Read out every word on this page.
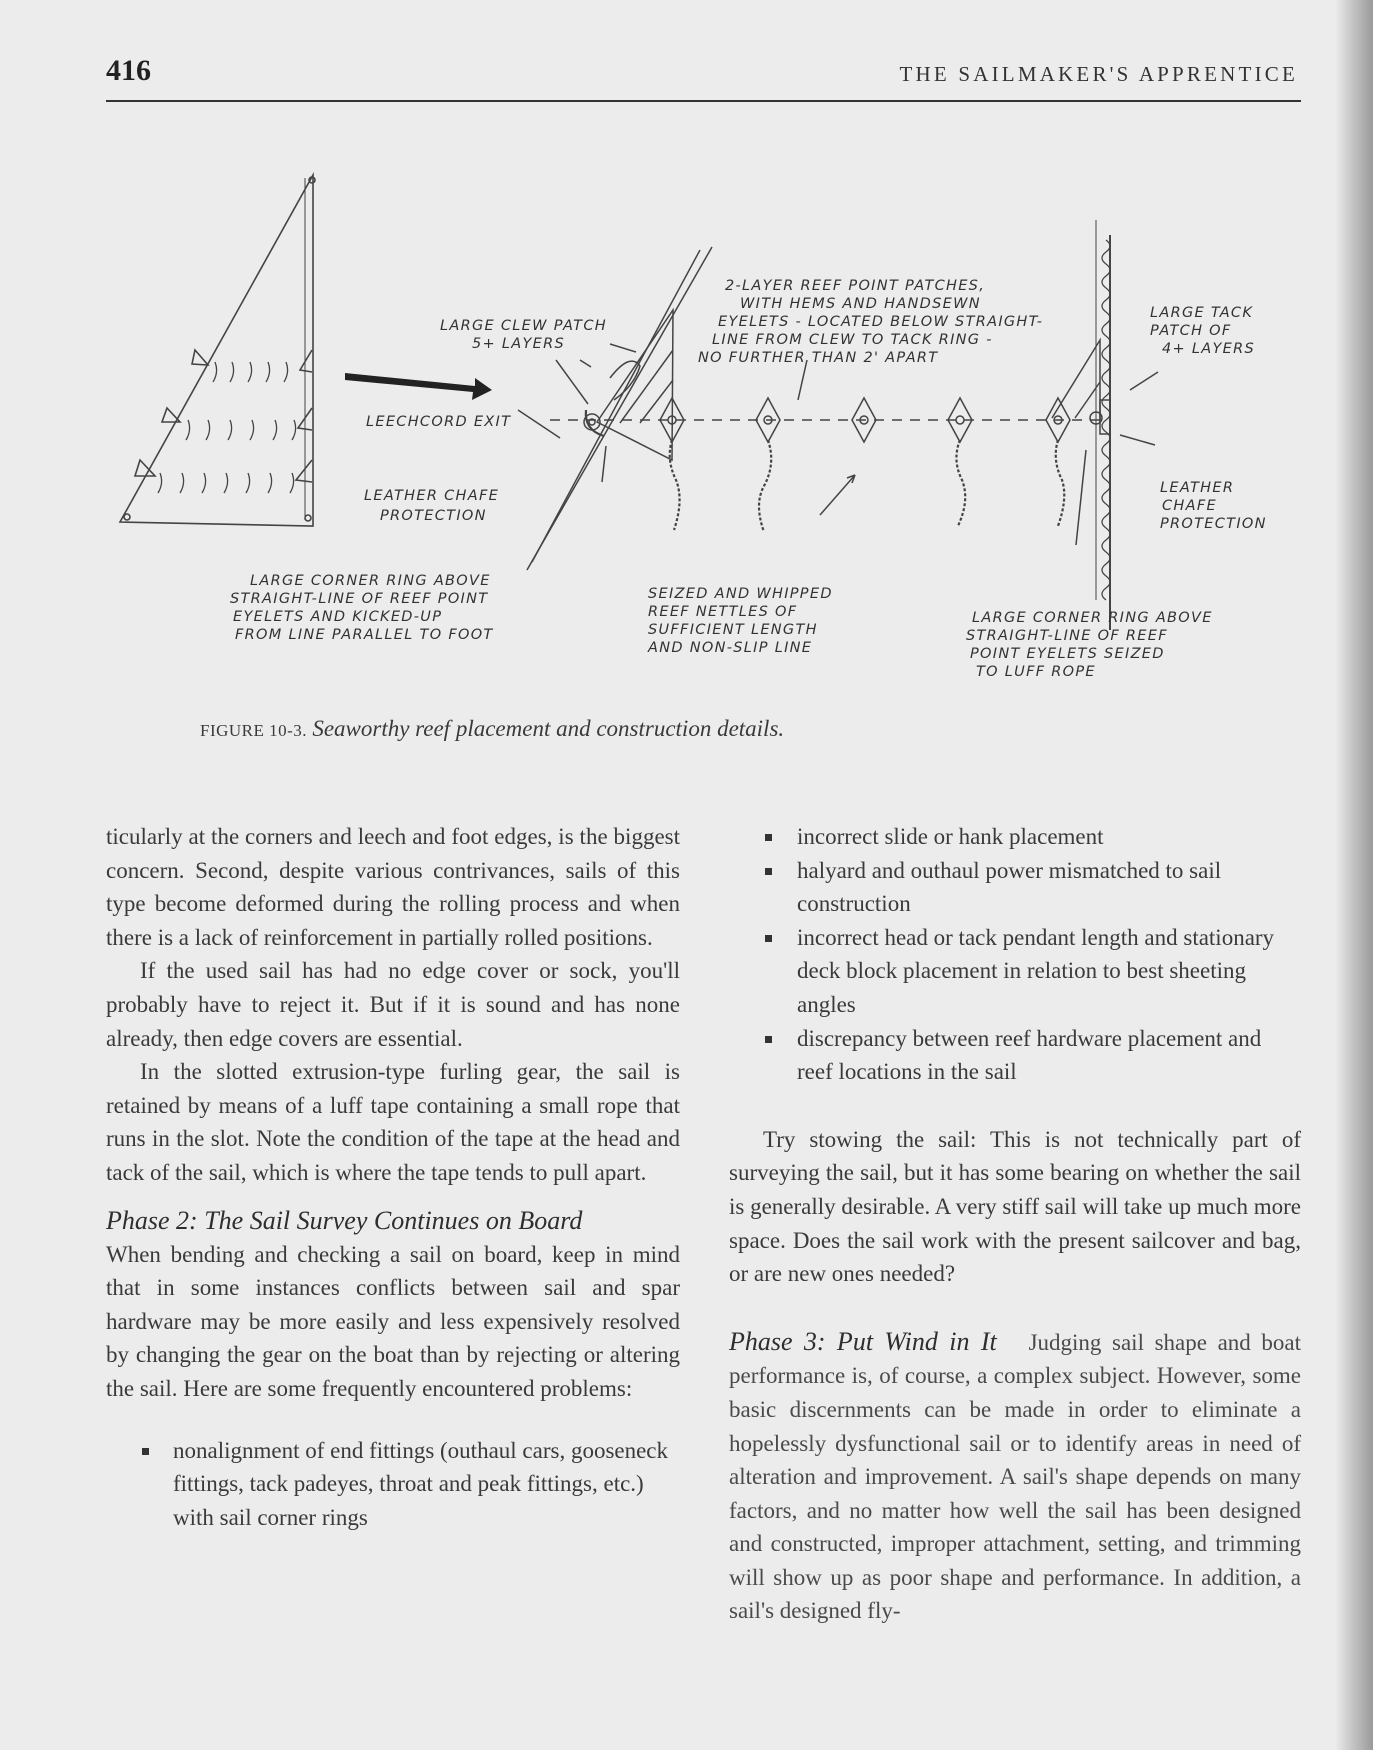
416	THE SAILMAKER'S APPRENTICE
LARGE CLEW PATCH
5+ LAYERS
LEECHCORD EXIT
LEATHER CHAFE
PROTECTION
LARGE CORNER RING ABOVE
STRAIGHT-LINE OF REEF POINT
EYELETS AND KICKED-UP
FROM LINE PARALLEL TO FOOT
2-LAYER REEF POINT PATCHES,
WITH HEMS AND HANDSEWN
EYELETS - LOCATED BELOW STRAIGHT-
LINE FROM CLEW TO TACK RING -
NO FURTHER THAN 2' APART
LARGE TACK
PATCH OF
4+ LAYERS
LEATHER
CHAFE
PROTECTION
SEIZED AND WHIPPED
REEF NETTLES OF
SUFFICIENT LENGTH
AND NON-SLIP LINE
LARGE CORNER RING ABOVE
STRAIGHT-LINE OF REEF
POINT EYELETS SEIZED
TO LUFF ROPE
FIGURE 10-3. Seaworthy reef placement and construction details.

ticularly at the corners and leech and foot edges, is the biggest concern. Second, despite various contrivances, sails of this type become deformed during the rolling process and when there is a lack of reinforcement in partially rolled positions.

If the used sail has had no edge cover or sock, you'll probably have to reject it. But if it is sound and has none already, then edge covers are essential.

In the slotted extrusion-type furling gear, the sail is retained by means of a luff tape containing a small rope that runs in the slot. Note the condition of the tape at the head and tack of the sail, which is where the tape tends to pull apart.

Phase 2: The Sail Survey Continues on Board

When bending and checking a sail on board, keep in mind that in some instances conflicts between sail and spar hardware may be more easily and less expensively resolved by changing the gear on the boat than by rejecting or altering the sail. Here are some frequently encountered problems:

nonalignment of end fittings (outhaul cars, gooseneck fittings, tack padeyes, throat and peak fittings, etc.) with sail corner rings
incorrect slide or hank placement
halyard and outhaul power mismatched to sail construction
incorrect head or tack pendant length and stationary deck block placement in relation to best sheeting angles
discrepancy between reef hardware placement and reef locations in the sail

Try stowing the sail: This is not technically part of surveying the sail, but it has some bearing on whether the sail is generally desirable. A very stiff sail will take up much more space. Does the sail work with the present sailcover and bag, or are new ones needed?

Phase 3: Put Wind in It Judging sail shape and boat performance is, of course, a complex subject. However, some basic discernments can be made in order to eliminate a hopelessly dysfunctional sail or to identify areas in need of alteration and improvement. A sail's shape depends on many factors, and no matter how well the sail has been designed and constructed, improper attachment, setting, and trimming will show up as poor shape and performance. In addition, a sail's designed fly-
